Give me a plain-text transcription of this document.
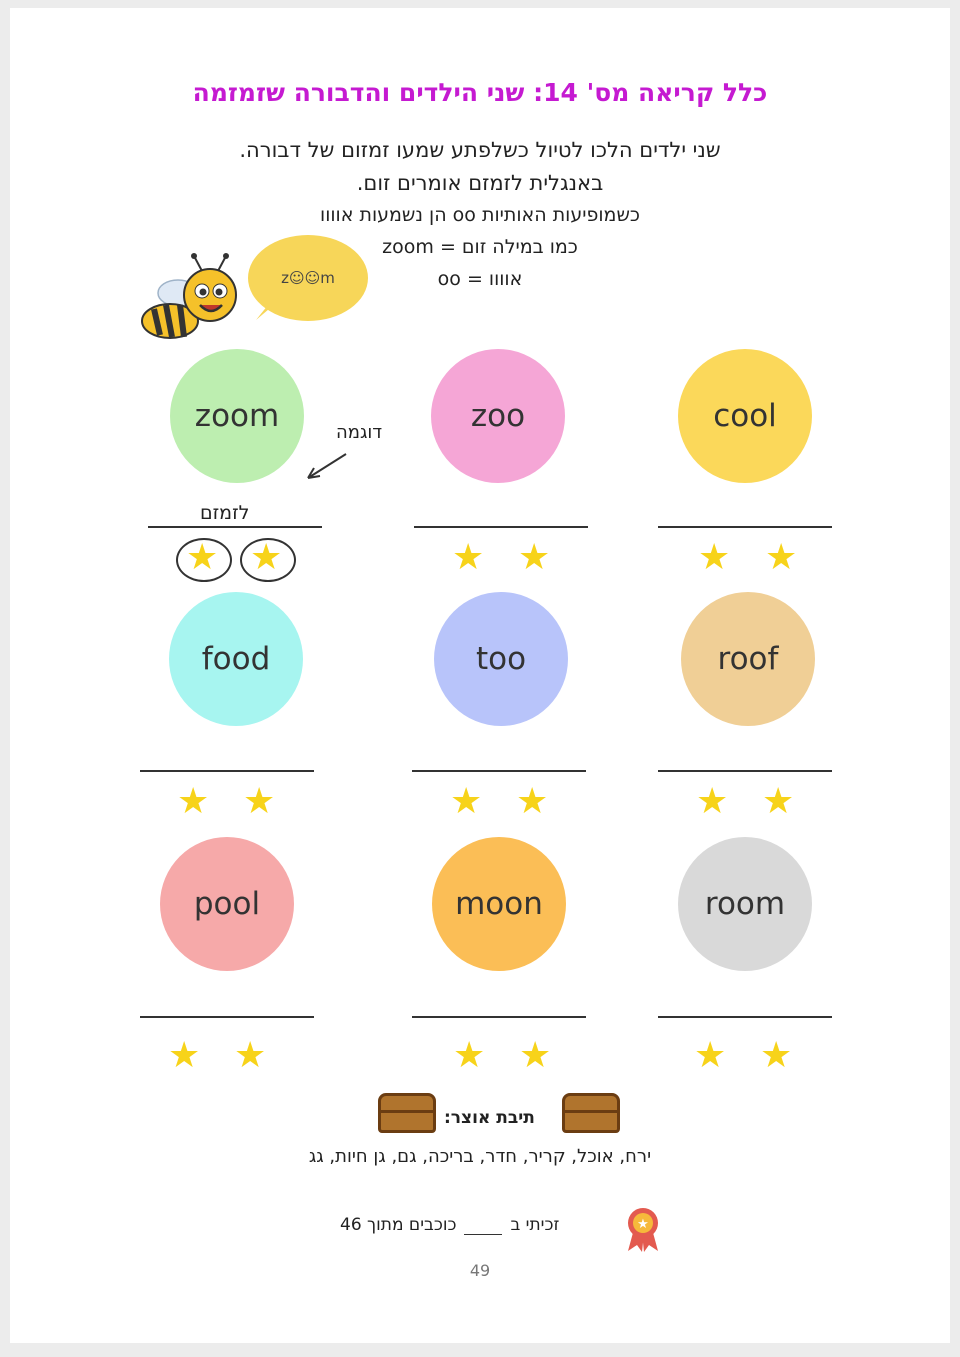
כלל קריאה מס' 14: שני הילדים והדבורה שזמזמה
שני ילדים הלכו לטיול כשלפתע שמעו זמזום של דבורה.
באנגלית לזמזם אומרים זום.
כשמופיעות האותיות oo הן נשמעות אוווו
כמו במילה זום = zoom
אוווו = oo
z☺☺m
cool
zoo
zoom	דוגמה
לזמזם
★ ★
★ ★
★ ★
roof
too
food
★ ★
★ ★
★ ★
room
moon
pool
★ ★
★ ★
★ ★
תיבת אוצר:
ירח, אוכל, קריר, חדר, בריכה, גם, גן חיות, גג
★
זכיתי ב
כוכבים מתוך 46
49
